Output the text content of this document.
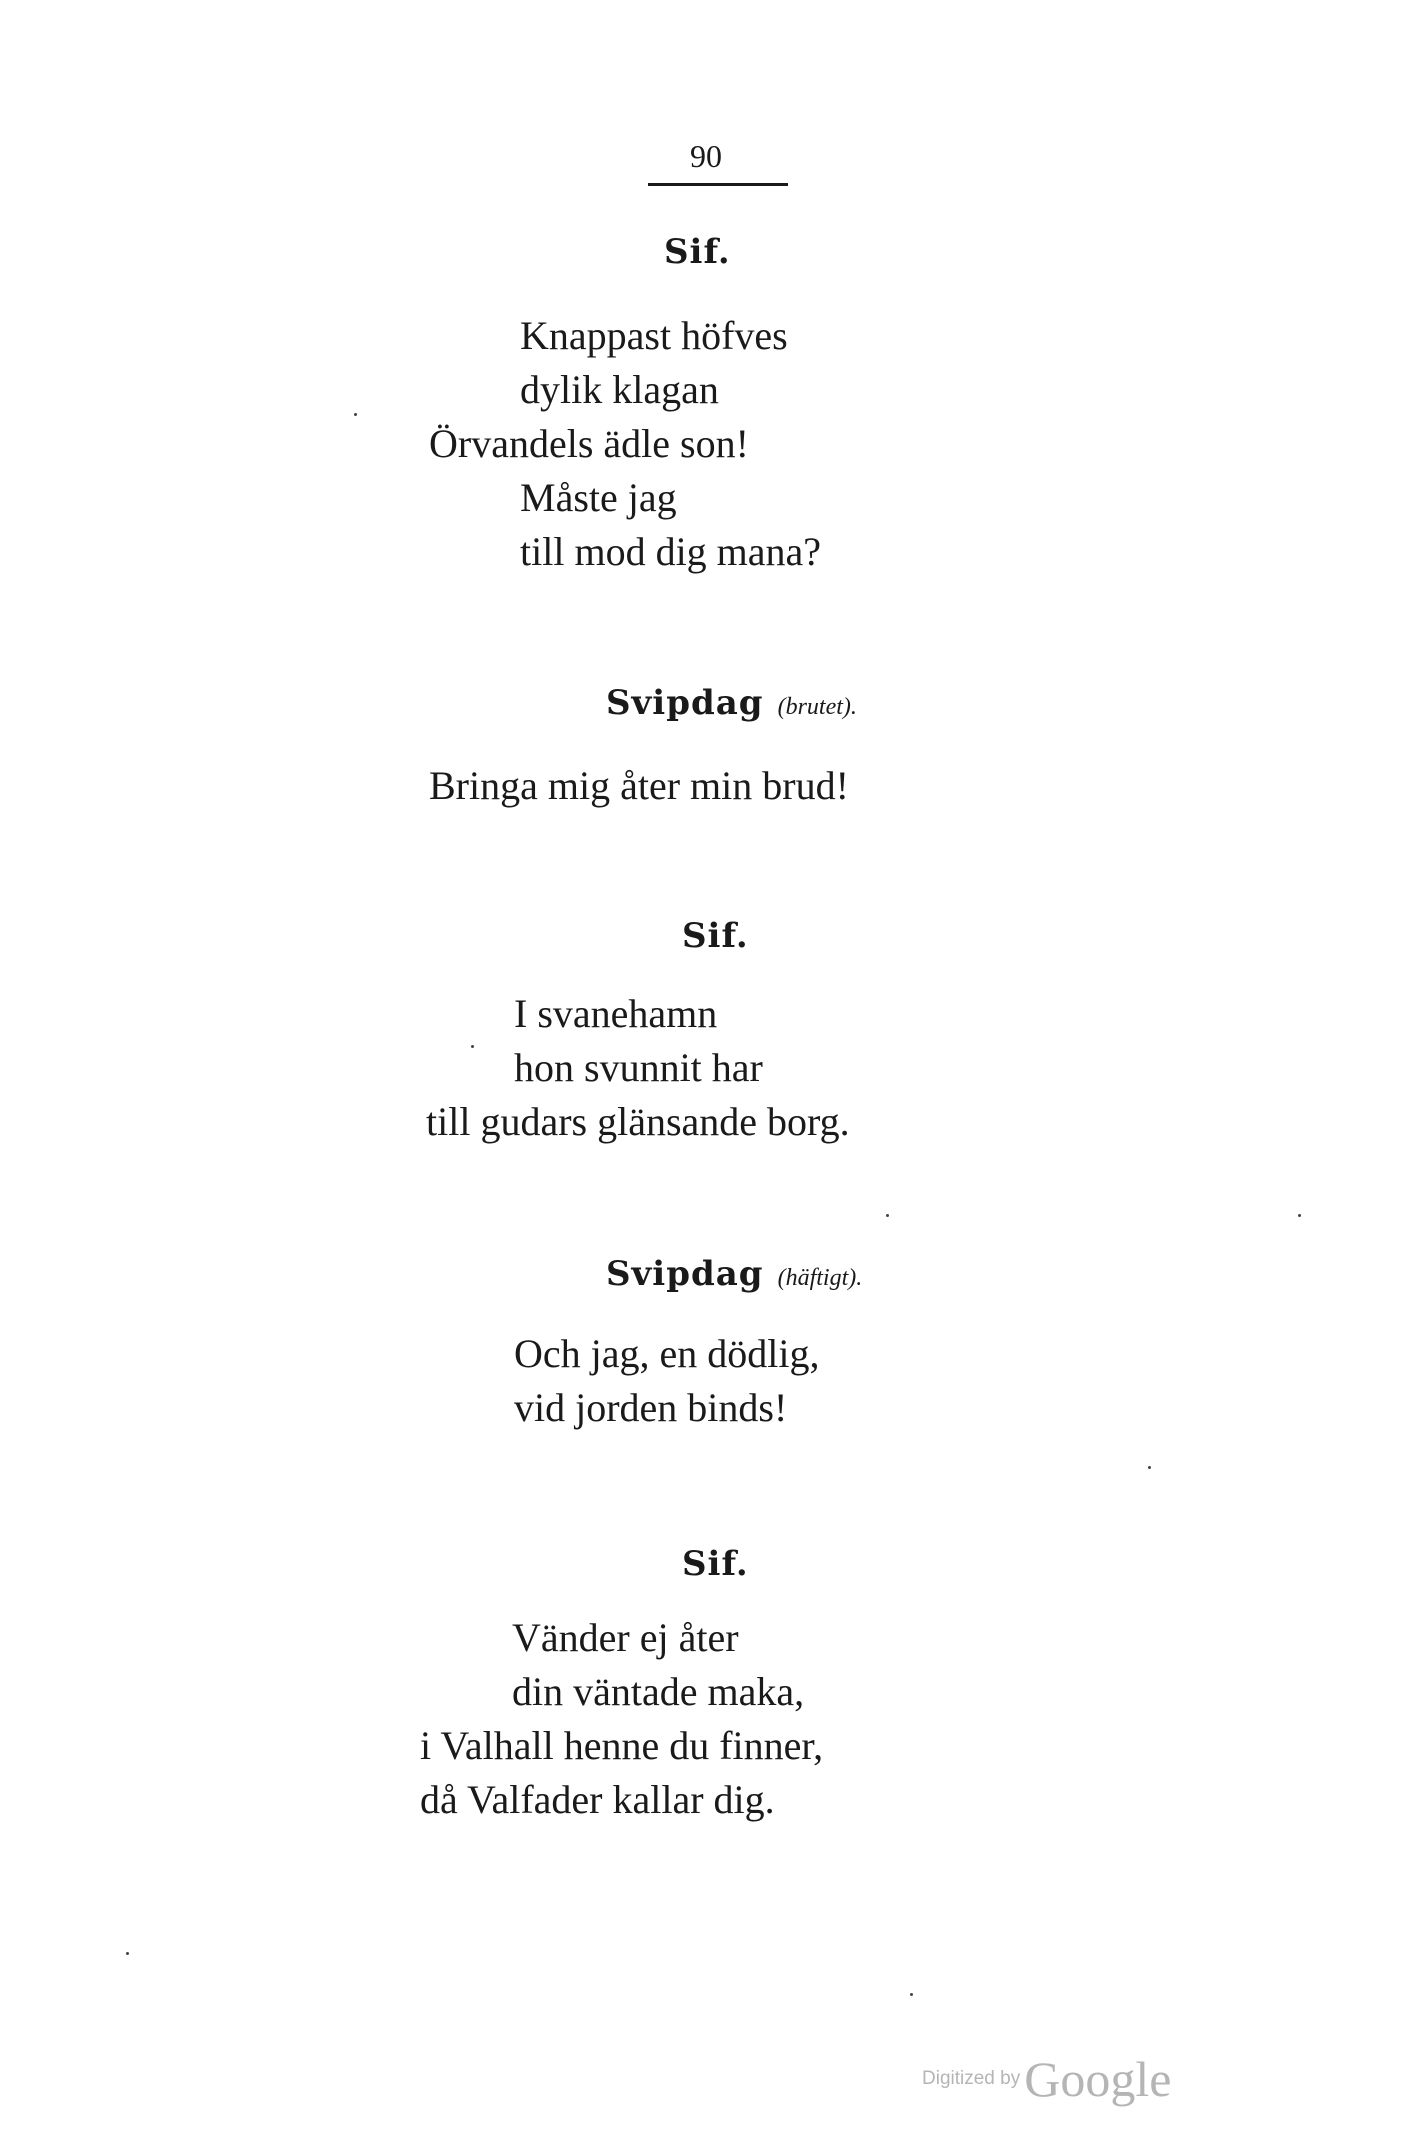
90
Sif.
Knappast höfves
dylik klagan
Örvandels ädle son!
Måste jag
till mod dig mana?
Svipdag (brutet).
Bringa mig åter min brud!
Sif.
I svanehamn
hon svunnit har
till gudars glänsande borg.
Svipdag (häftigt).
Och jag, en dödlig,
vid jorden binds!
Sif.
Vänder ej åter
din väntade maka,
i Valhall henne du finner,
då Valfader kallar dig.
Digitized byGoogle
